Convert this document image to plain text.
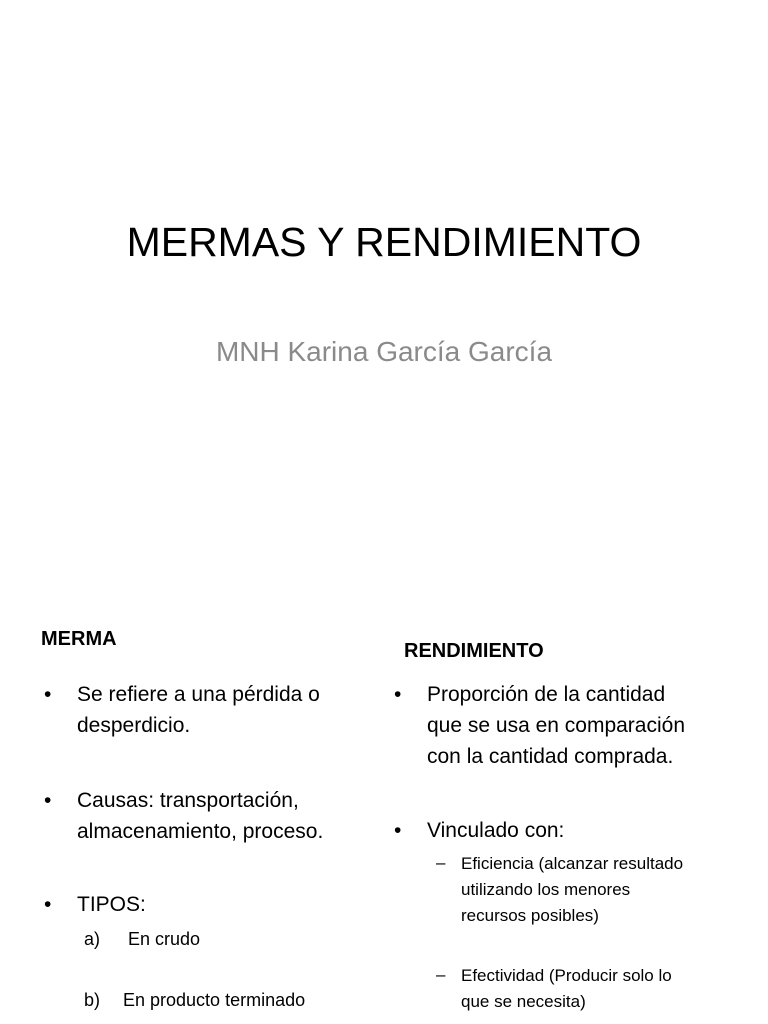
MERMAS Y RENDIMIENTO
MNH Karina García García
MERMA
• Se refiere a una pérdida o
desperdicio.
• Causas: transportación,
almacenamiento, proceso.
• TIPOS:
a) En crudo
b) En producto terminado
RENDIMIENTO
• Proporción de la cantidad
que se usa en comparación
con la cantidad comprada.
• Vinculado con:
– Eficiencia (alcanzar resultado
utilizando los menores
recursos posibles)
– Efectividad (Producir solo lo
que se necesita)
